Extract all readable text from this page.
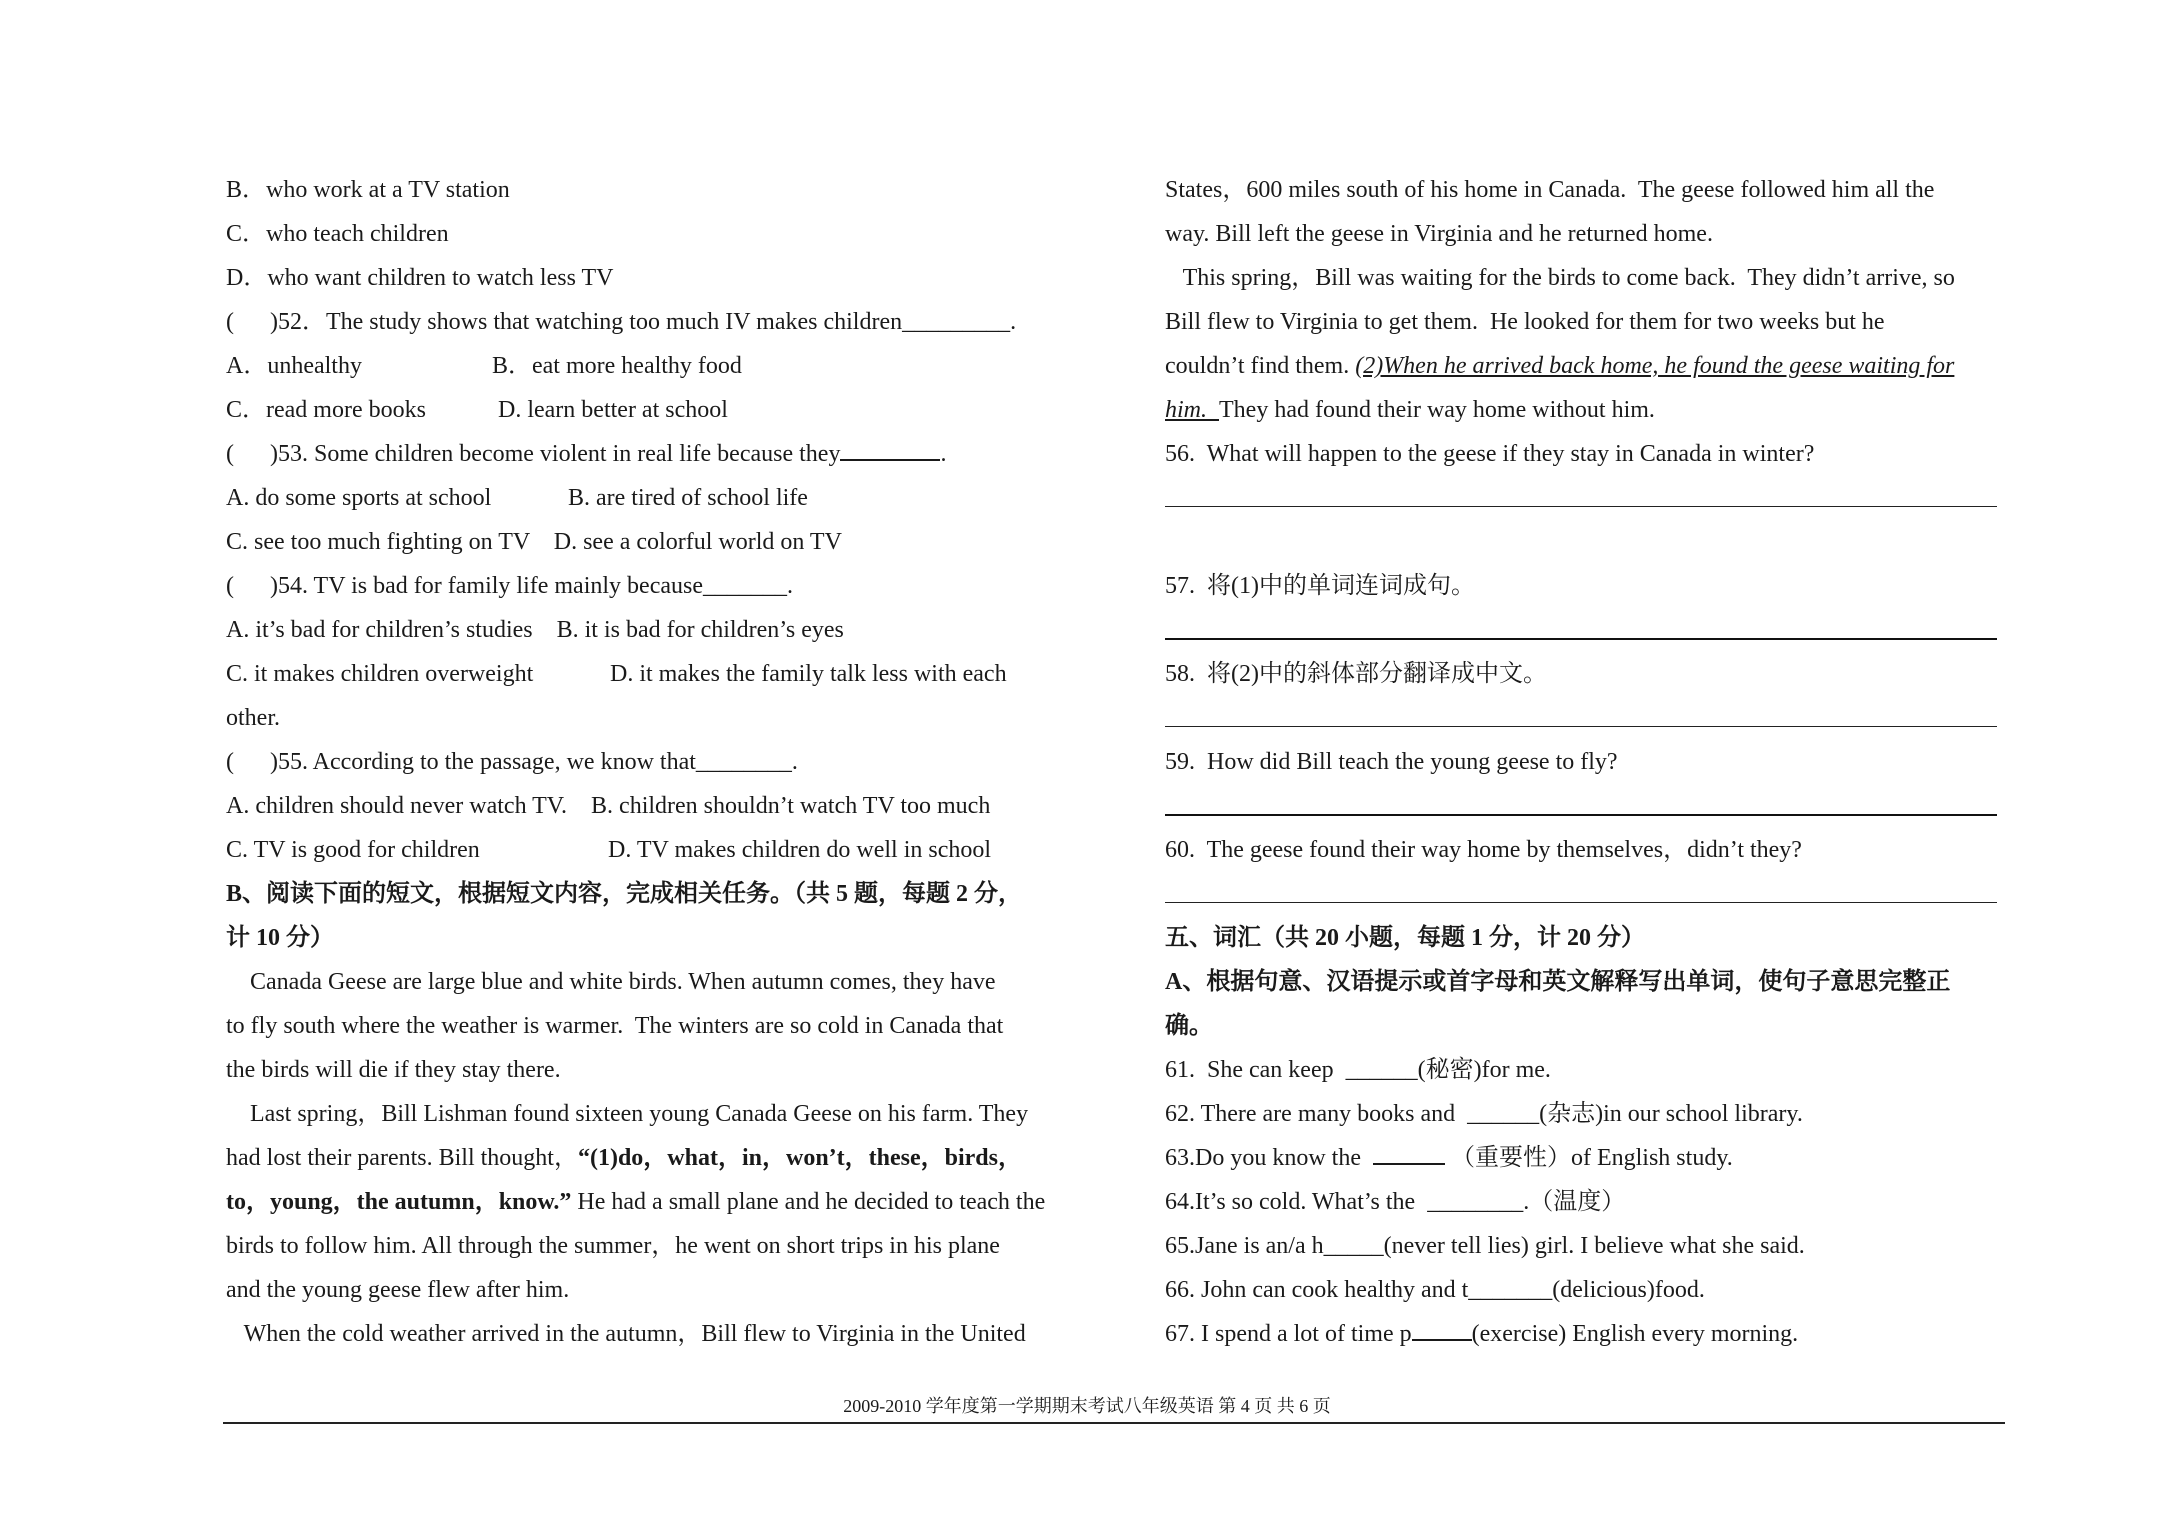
B．who work at a TV station
C．who teach children
D．who want children to watch less TV
(      )52．The study shows that watching too much IV makes children_________.
A．unhealthy	B．eat more healthy food
C．read more books	D. learn better at school
(      )53. Some children become violent in real life because they	.
A. do some sports at school	B. are tired of school life
C. see too much fighting on TV    D. see a colorful world on TV
(      )54. TV is bad for family life mainly because_______.
A. it’s bad for children’s studies    B. it is bad for children’s eyes
C. it makes children overweight	D. it makes the family talk less with each
other.
(      )55. According to the passage, we know that________.
A. children should never watch TV.    B. children shouldn’t watch TV too much
C. TV is good for children	D. TV makes children do well in school
B、阅读下面的短文，根据短文内容，完成相关任务。（共 5 题，每题 2 分，
计 10 分）
Canada Geese are large blue and white birds. When autumn comes, they have
to fly south where the weather is warmer.  The winters are so cold in Canada that
the birds will die if they stay there.
Last spring，Bill Lishman found sixteen young Canada Geese on his farm. They
had lost their parents. Bill thought，“(1)do，what，in，won’t，these，birds，
to，young，the autumn，know.” He had a small plane and he decided to teach the
birds to follow him. All through the summer，he went on short trips in his plane
and the young geese flew after him.
When the cold weather arrived in the autumn，Bill flew to Virginia in the United
States，600 miles south of his home in Canada.  The geese followed him all the
way. Bill left the geese in Virginia and he returned home.
This spring，Bill was waiting for the birds to come back.  They didn’t arrive, so
Bill flew to Virginia to get them.  He looked for them for two weeks but he
couldn’t find them. (2)When he arrived back home, he found the geese waiting for
him.  They had found their way home without him.
56.  What will happen to the geese if they stay in Canada in winter?
57.  将(1)中的单词连词成句。
58.  将(2)中的斜体部分翻译成中文。
59.  How did Bill teach the young geese to fly?
60.  The geese found their way home by themselves，didn’t they?
五、词汇（共 20 小题，每题 1 分，计 20 分）
A、根据句意、汉语提示或首字母和英文解释写出单词，使句子意思完整正
确。
61.  She can keep  ______(秘密)for me.
62. There are many books and  ______(杂志)in our school library.
63.Do you know the	（重要性）of English study.
64.It’s so cold. What’s the  ________.（温度）
65.Jane is an/a h_____(never tell lies) girl. I believe what she said.
66. John can cook healthy and t_______(delicious)food.
67. I spend a lot of time p	(exercise) English every morning.
2009-2010 学年度第一学期期末考试八年级英语 第 4 页 共 6 页
